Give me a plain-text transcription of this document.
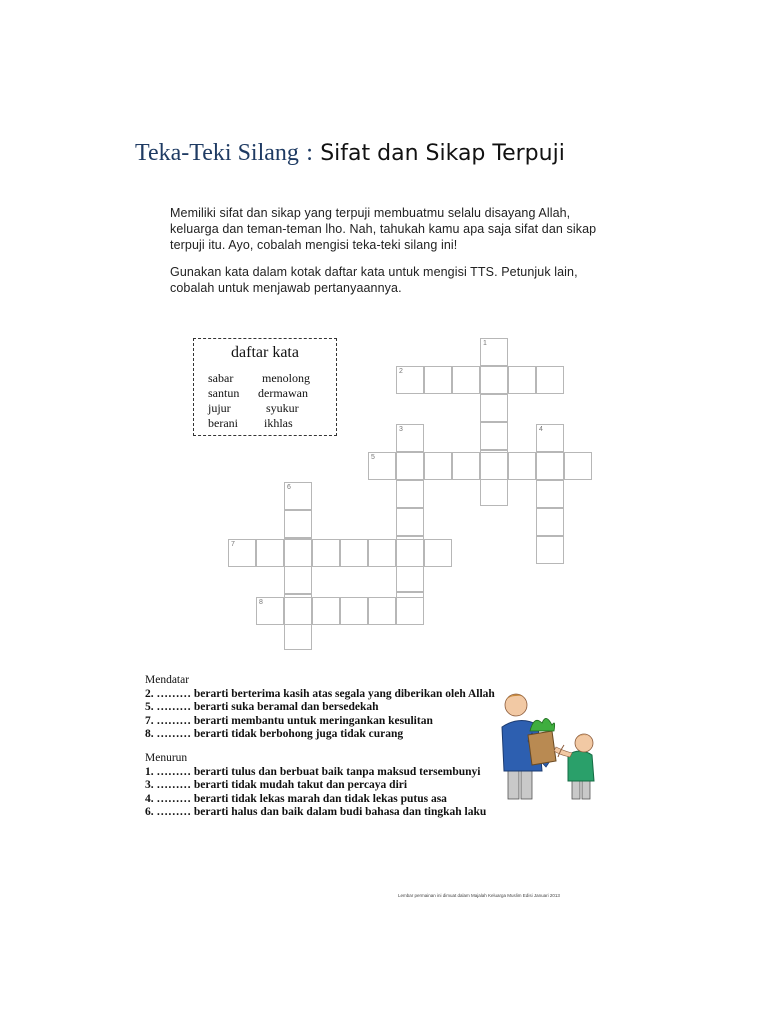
Teka-Teki Silang : Sifat dan Sikap Terpuji
Memiliki sifat dan sikap yang terpuji membuatmu selalu disayang Allah, keluarga dan teman-teman lho. Nah, tahukah kamu apa saja sifat dan sikap terpuji itu. Ayo, cobalah mengisi teka-teki silang ini!
Gunakan kata dalam kotak daftar kata untuk mengisi TTS. Petunjuk lain, cobalah untuk menjawab pertanyaannya.
daftar kata
sabar menolong
santun dermawan
jujur	syukur
berani ikhlas
1
2
3	4
5
6
7
8
Mendatar
2. ……… berarti berterima kasih atas segala yang diberikan oleh Allah
5. ……… berarti suka beramal dan bersedekah
7. ……… berarti membantu untuk meringankan kesulitan
8. ……… berarti tidak berbohong juga tidak curang
Menurun
1. ……… berarti tulus dan berbuat baik tanpa maksud tersembunyi
3. ……… berarti tidak mudah takut dan percaya diri
4. ……… berarti tidak lekas marah dan tidak lekas putus asa
6. ……… berarti halus dan baik dalam budi bahasa dan tingkah laku
Lembar permainan ini dimuat dalam Majalah Keluarga Muslim Edisi Januari 2013
